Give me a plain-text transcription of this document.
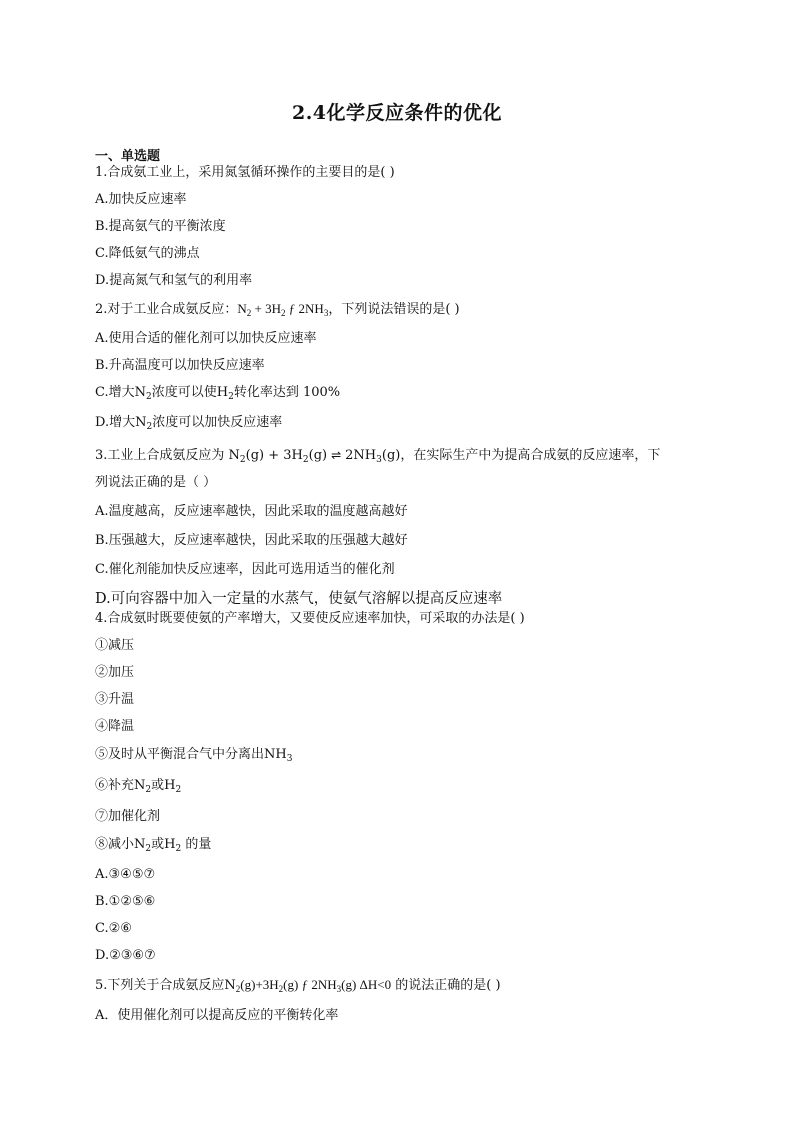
2.4化学反应条件的优化
一、单选题
1.合成氨工业上，采用氮氢循环操作的主要目的是( )
A.加快反应速率
B.提高氨气的平衡浓度
C.降低氨气的沸点
D.提高氮气和氢气的利用率
2.对于工业合成氨反应：$N_2 + 3H_2$ ƒ $2NH_3$，下列说法错误的是( )
A.使用合适的催化剂可以加快反应速率
B.升高温度可以加快反应速率
C.增大$N_2$浓度可以使$H_2$转化率达到 100%
D.增大$N_2$浓度可以加快反应速率
3.工业上合成氨反应为 $N_2(g) + 3H_2(g)$ ⇌ $2NH_3(g)$，在实际生产中为提高合成氨的反应速率，下
列说法正确的是（ ）
A.温度越高，反应速率越快，因此采取的温度越高越好
B.压强越大，反应速率越快，因此采取的压强越大越好
C.催化剂能加快反应速率，因此可选用适当的催化剂
D.可向容器中加入一定量的水蒸气，使氨气溶解以提高反应速率
4.合成氨时既要使氨的产率增大，又要使反应速率加快，可采取的办法是( )
①减压
②加压
③升温
④降温
⑤及时从平衡混合气中分离出$NH_3$
⑥补充$N_2$或$H_2$
⑦加催化剂
⑧减小$N_2$或$H_2$ 的量
A.③④⑤⑦
B.①②⑤⑥
C.②⑥
D.②③⑥⑦
5.下列关于合成氨反应$N_2(g)+3H_2(g)$ ƒ $2NH_3(g)$ ΔH<0 的说法正确的是( )
A．使用催化剂可以提高反应的平衡转化率
